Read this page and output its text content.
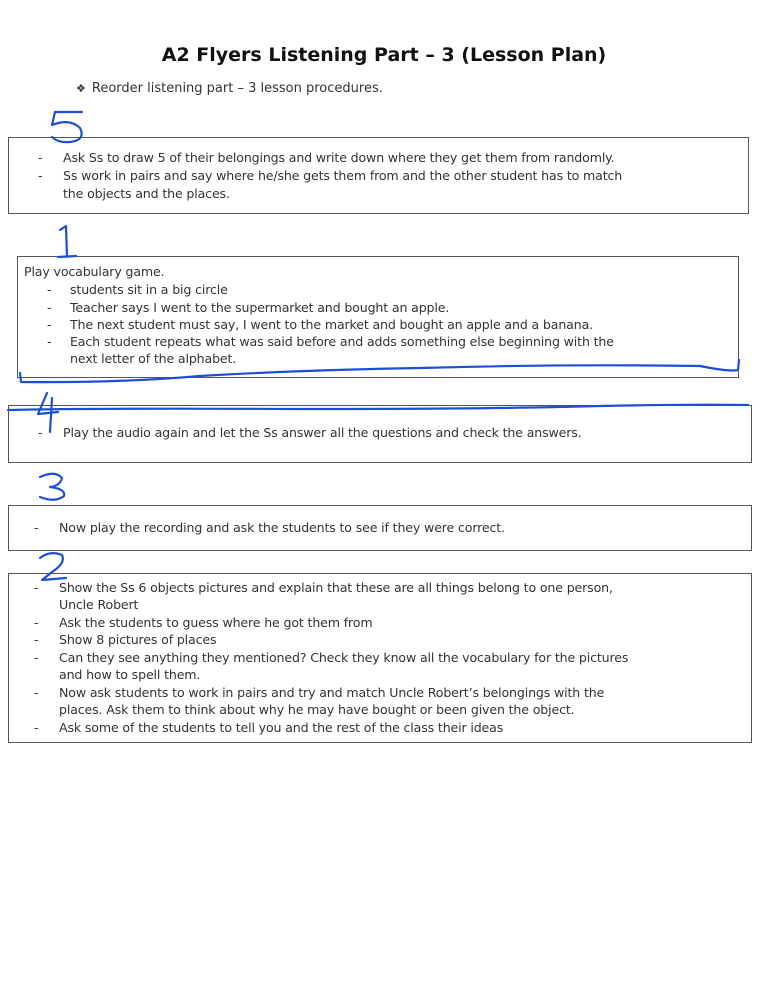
A2 Flyers Listening Part – 3 (Lesson Plan)
❖ Reorder listening part – 3 lesson procedures.
- Ask Ss to draw 5 of their belongings and write down where they get them from randomly.
- Ss work in pairs and say where he/she gets them from and the other student has to match
the objects and the places.
Play vocabulary game.
- students sit in a big circle
- Teacher says I went to the supermarket and bought an apple.
- The next student must say, I went to the market and bought an apple and a banana.
- Each student repeats what was said before and adds something else beginning with the
next letter of the alphabet.
- Play the audio again and let the Ss answer all the questions and check the answers.
- Now play the recording and ask the students to see if they were correct.
- Show the Ss 6 objects pictures and explain that these are all things belong to one person,
Uncle Robert
- Ask the students to guess where he got them from
- Show 8 pictures of places
- Can they see anything they mentioned? Check they know all the vocabulary for the pictures
and how to spell them.
- Now ask students to work in pairs and try and match Uncle Robert’s belongings with the
places. Ask them to think about why he may have bought or been given the object.
- Ask some of the students to tell you and the rest of the class their ideas
